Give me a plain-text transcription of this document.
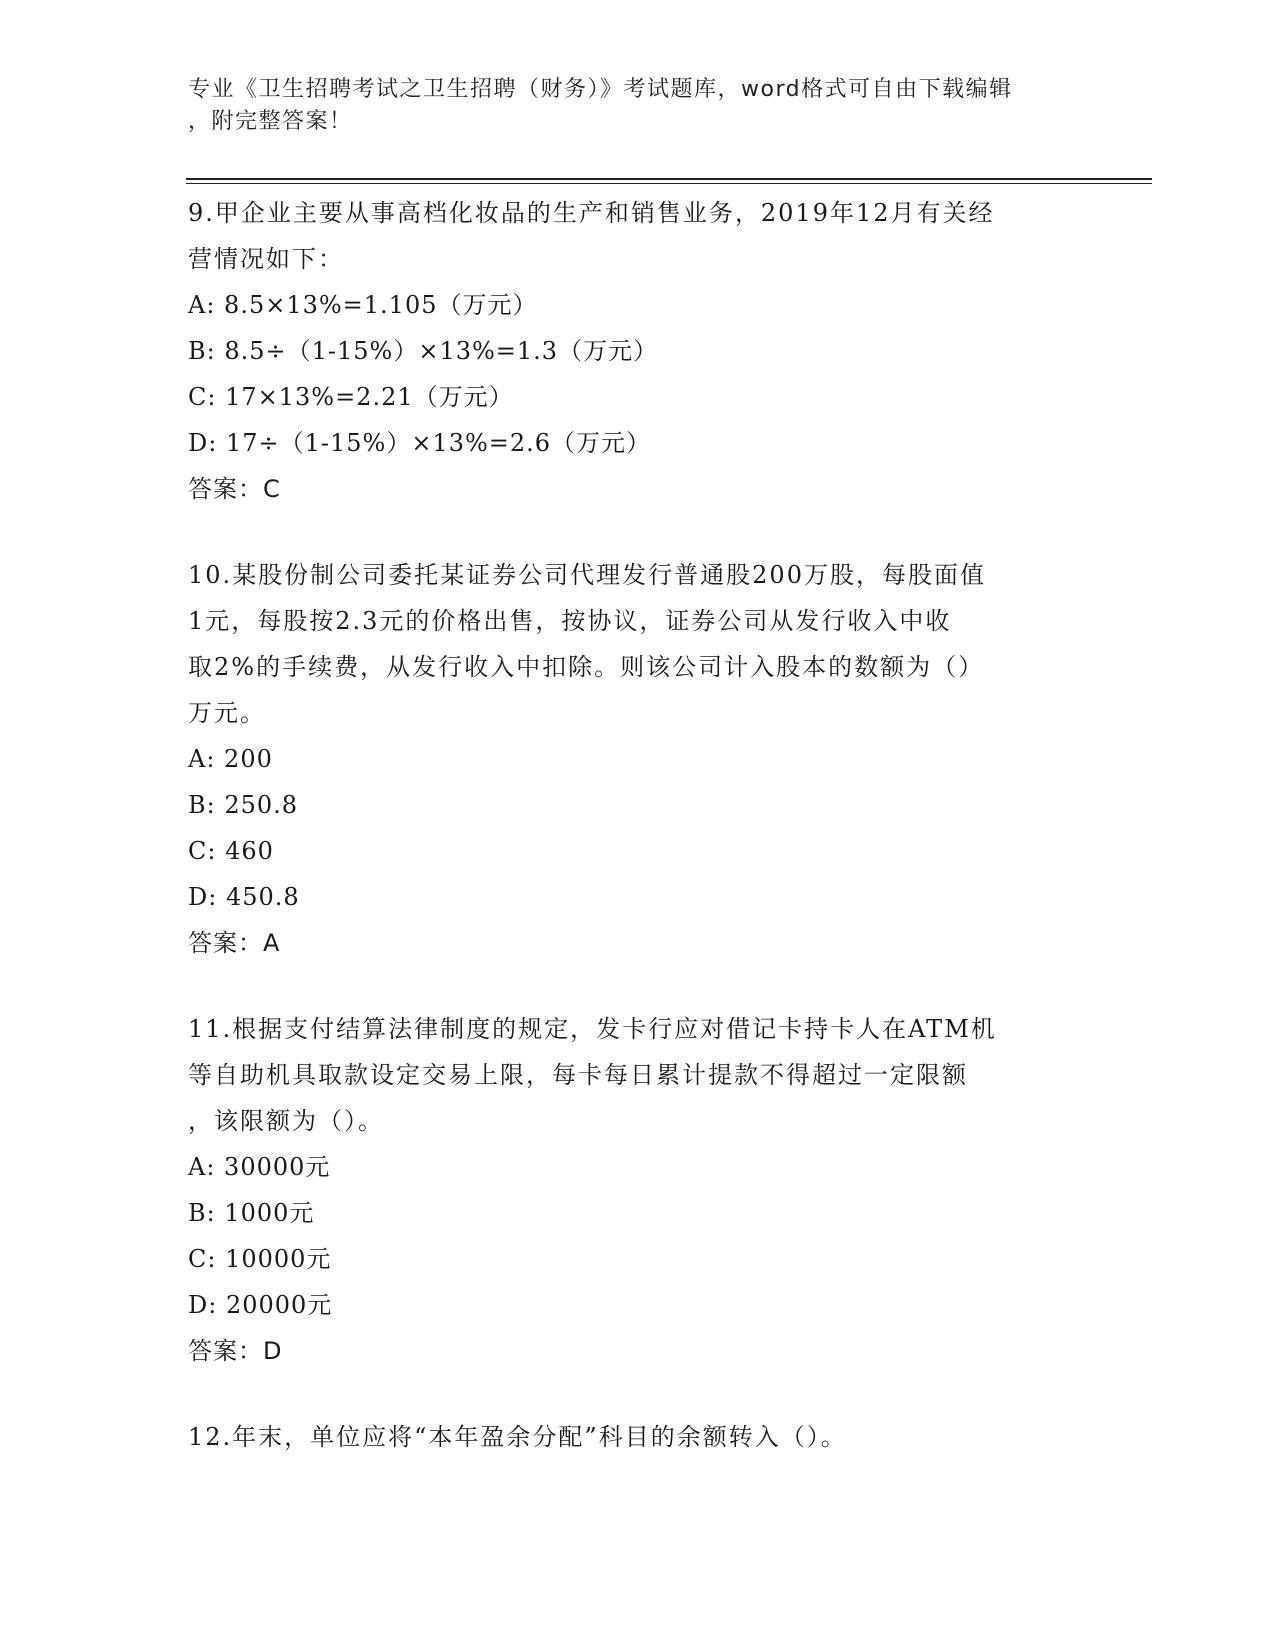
专业《卫生招聘考试之卫生招聘（财务）》考试题库，word格式可自由下载编辑
，附完整答案！
9.甲企业主要从事高档化妆品的生产和销售业务，2019年12月有关经
营情况如下：
A: 8.5×13%=1.105（万元）
B: 8.5÷（1-15%）×13%=1.3（万元）
C: 17×13%=2.21（万元）
D: 17÷（1-15%）×13%=2.6（万元）
答案：C
10.某股份制公司委托某证券公司代理发行普通股200万股，每股面值
1元，每股按2.3元的价格出售，按协议，证券公司从发行收入中收
取2%的手续费，从发行收入中扣除。则该公司计入股本的数额为（）
万元。
A: 200
B: 250.8
C: 460
D: 450.8
答案：A
11.根据支付结算法律制度的规定，发卡行应对借记卡持卡人在ATM机
等自助机具取款设定交易上限，每卡每日累计提款不得超过一定限额
，该限额为（）。
A: 30000元
B: 1000元
C: 10000元
D: 20000元
答案：D
12.年末，单位应将“本年盈余分配”科目的余额转入（）。
